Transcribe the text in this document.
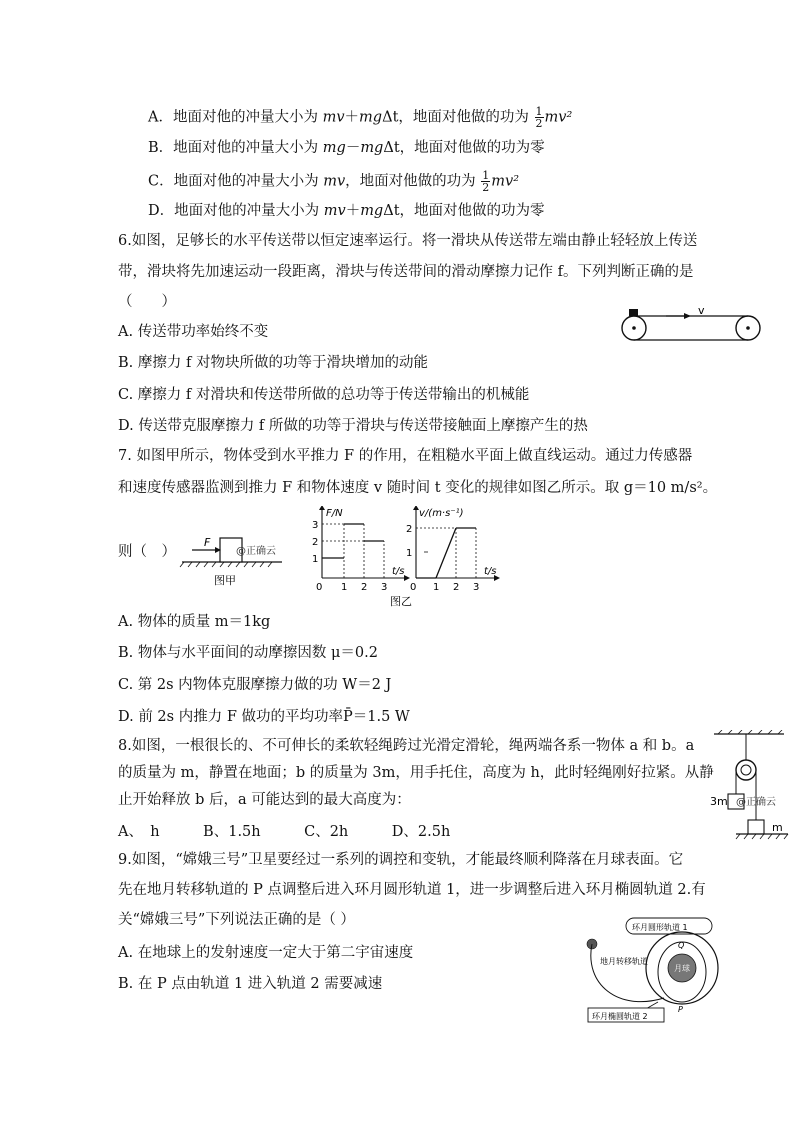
A．地面对他的冲量大小为 mv＋mgΔt，地面对他做的功为 $\frac{1}{2} mv^2$
B．地面对他的冲量大小为 mg－mgΔt，地面对他做的功为零
C．地面对他的冲量大小为 mv，地面对他做的功为 $\frac{1}{2} mv^2$
D．地面对他的冲量大小为 mv＋mgΔt，地面对他做的功为零
6.如图，足够长的水平传送带以恒定速率运行。将一滑块从传送带左端由静止轻轻放上传送
带，滑块将先加速运动一段距离，滑块与传送带间的滑动摩擦力记作 f。下列判断正确的是
（　　）
A. 传送带功率始终不变
B. 摩擦力 f 对物块所做的功等于滑块增加的动能
C. 摩擦力 f 对滑块和传送带所做的总功等于传送带输出的机械能
D. 传送带克服摩擦力 f 所做的功等于滑块与传送带接触面上摩擦产生的热
v
7. 如图甲所示，物体受到水平推力 F 的作用，在粗糙水平面上做直线运动。通过力传感器
和速度传感器监测到推力 F 和物体速度 v 随时间 t 变化的规律如图乙所示。取 g＝10 m/s²。
则（　）
F
@正确云
图甲
F/N
t/s
3
2
1
0 1 2 3
v/(m·s⁻¹)
t/s
2
1
0 1 2 3
图乙
A. 物体的质量 m＝1kg
B. 物体与水平面间的动摩擦因数 μ＝0.2
C. 第 2s 内物体克服摩擦力做的功 W＝2 J
D. 前 2s 内推力 F 做功的平均功率P̄＝1.5 W
8.如图，一根很长的、不可伸长的柔软轻绳跨过光滑定滑轮，绳两端各系一物体 a 和 b。a
的质量为 m，静置在地面；b 的质量为 3m，用手托住，高度为 h，此时轻绳刚好拉紧。从静
止开始释放 b 后，a 可能达到的最大高度为：
A、　h　　　B、1.5h　　　C、2h　　　D、2.5h
3m @正确云
m
9.如图，“嫦娥三号”卫星要经过一系列的调控和变轨，才能最终顺利降落在月球表面。它
先在地月转移轨道的 P 点调整后进入环月圆形轨道 1，进一步调整后进入环月椭圆轨道 2.有
关“嫦娥三号”下列说法正确的是（ ）
A. 在地球上的发射速度一定大于第二宇宙速度
B. 在 P 点由轨道 1 进入轨道 2 需要减速
环月圆形轨道 1
地月转移轨道
月球
Q
P
环月椭圆轨道 2
